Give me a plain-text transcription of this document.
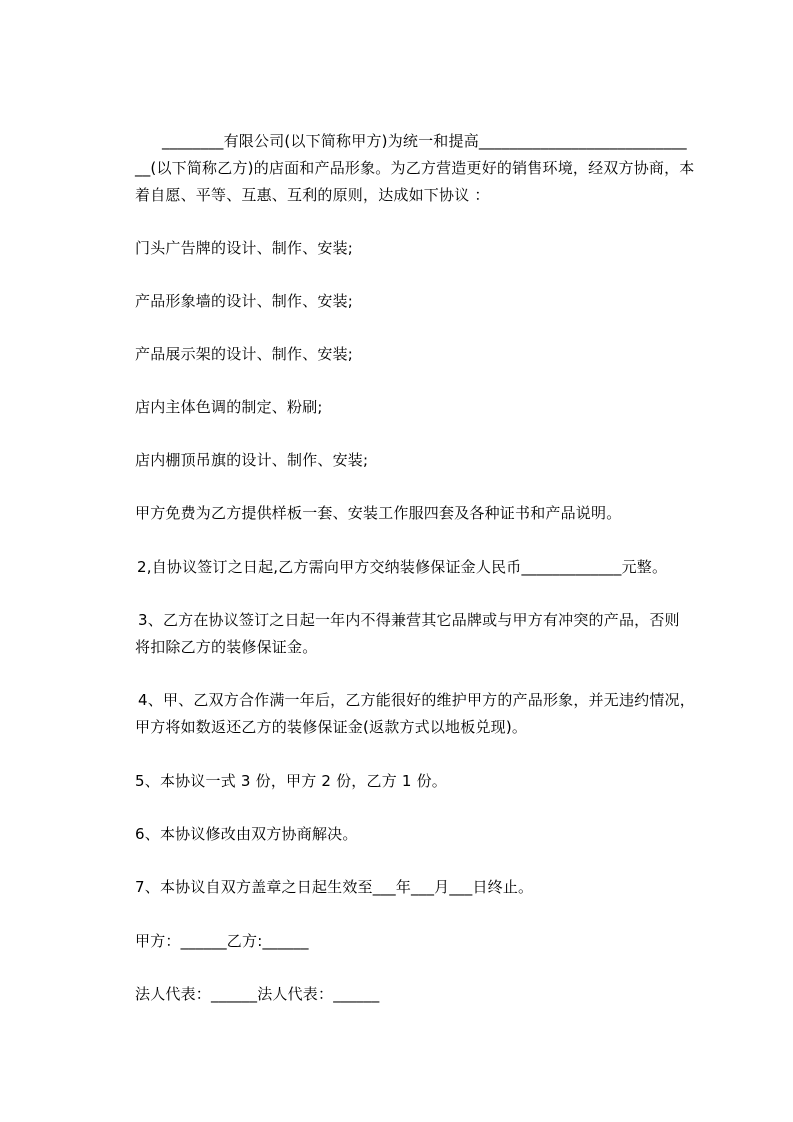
________有限公司(以下简称甲方)为统一和提高___________________________
__(以下简称乙方)的店面和产品形象。为乙方营造更好的销售环境，经双方协商，本
着自愿、平等、互惠、互利的原则，达成如下协议 ：
门头广告牌的设计、制作、安装;
产品形象墙的设计、制作、安装;
产品展示架的设计、制作、安装;
店内主体色调的制定、粉刷;
店内棚顶吊旗的设计、制作、安装;
甲方免费为乙方提供样板一套、安装工作服四套及各种证书和产品说明。
2,自协议签订之日起,乙方需向甲方交纳装修保证金人民币_____________元整。
3、乙方在协议签订之日起一年内不得兼营其它品牌或与甲方有冲突的产品，否则
将扣除乙方的装修保证金。
4、甲、乙双方合作满一年后，乙方能很好的维护甲方的产品形象，并无违约情况，
甲方将如数返还乙方的装修保证金(返款方式以地板兑现)。
5、本协议一式 3 份，甲方 2 份，乙方 1 份。
6、本协议修改由双方协商解决。
7、本协议自双方盖章之日起生效至___年___月___日终止。
甲方：______乙方:______
法人代表：______法人代表：______
